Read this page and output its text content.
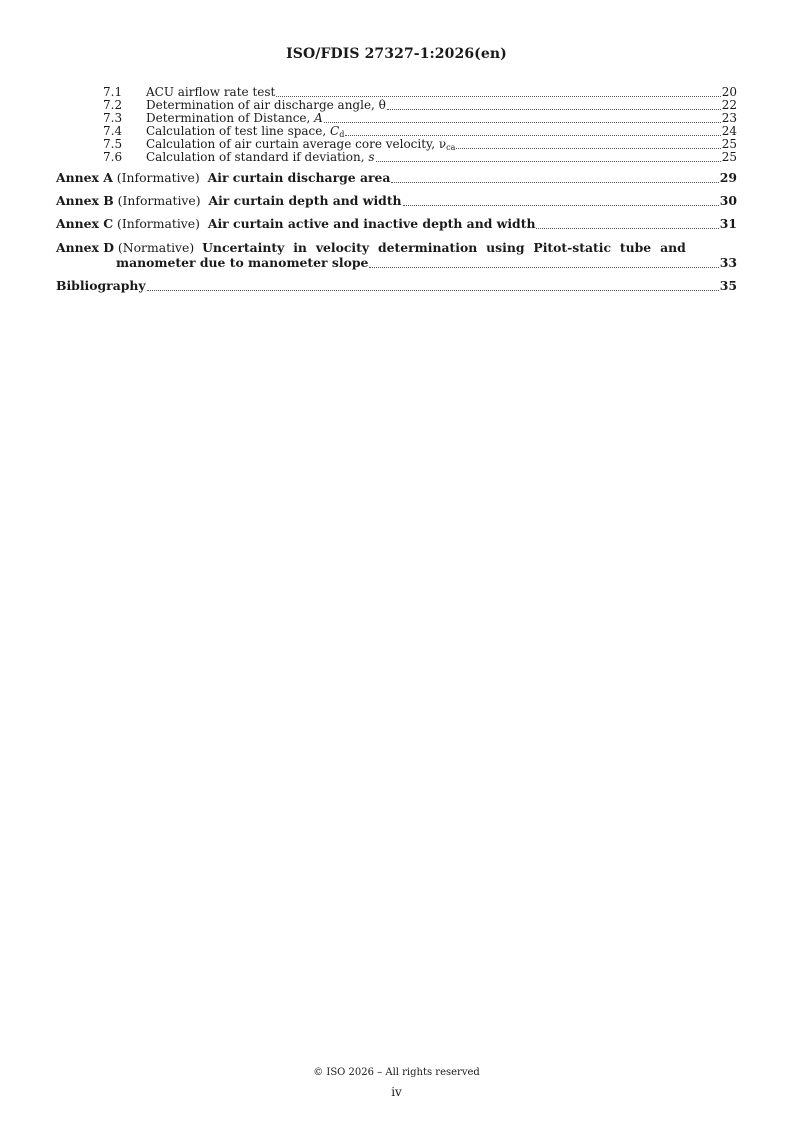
ISO/FDIS 27327-1:2026(en)
7.1	ACU airflow rate test	20
7.2	Determination of air discharge angle, θ	22
7.3	Determination of Distance, A	23
7.4	Calculation of test line space, $C_d$	24
7.5	Calculation of air curtain average core velocity, $\nu_{ca}$	25
7.6	Calculation of standard if deviation, s	25
Annex A (Informative) Air curtain discharge area	29
Annex B (Informative) Air curtain depth and width	30
Annex C (Informative) Air curtain active and inactive depth and width	31
Annex D
(Normative)
Uncertainty in velocity determination using Pitot-static tube and
manometer due to manometer slope	33
Bibliography	35
© ISO 2026 – All rights reserved
iv
